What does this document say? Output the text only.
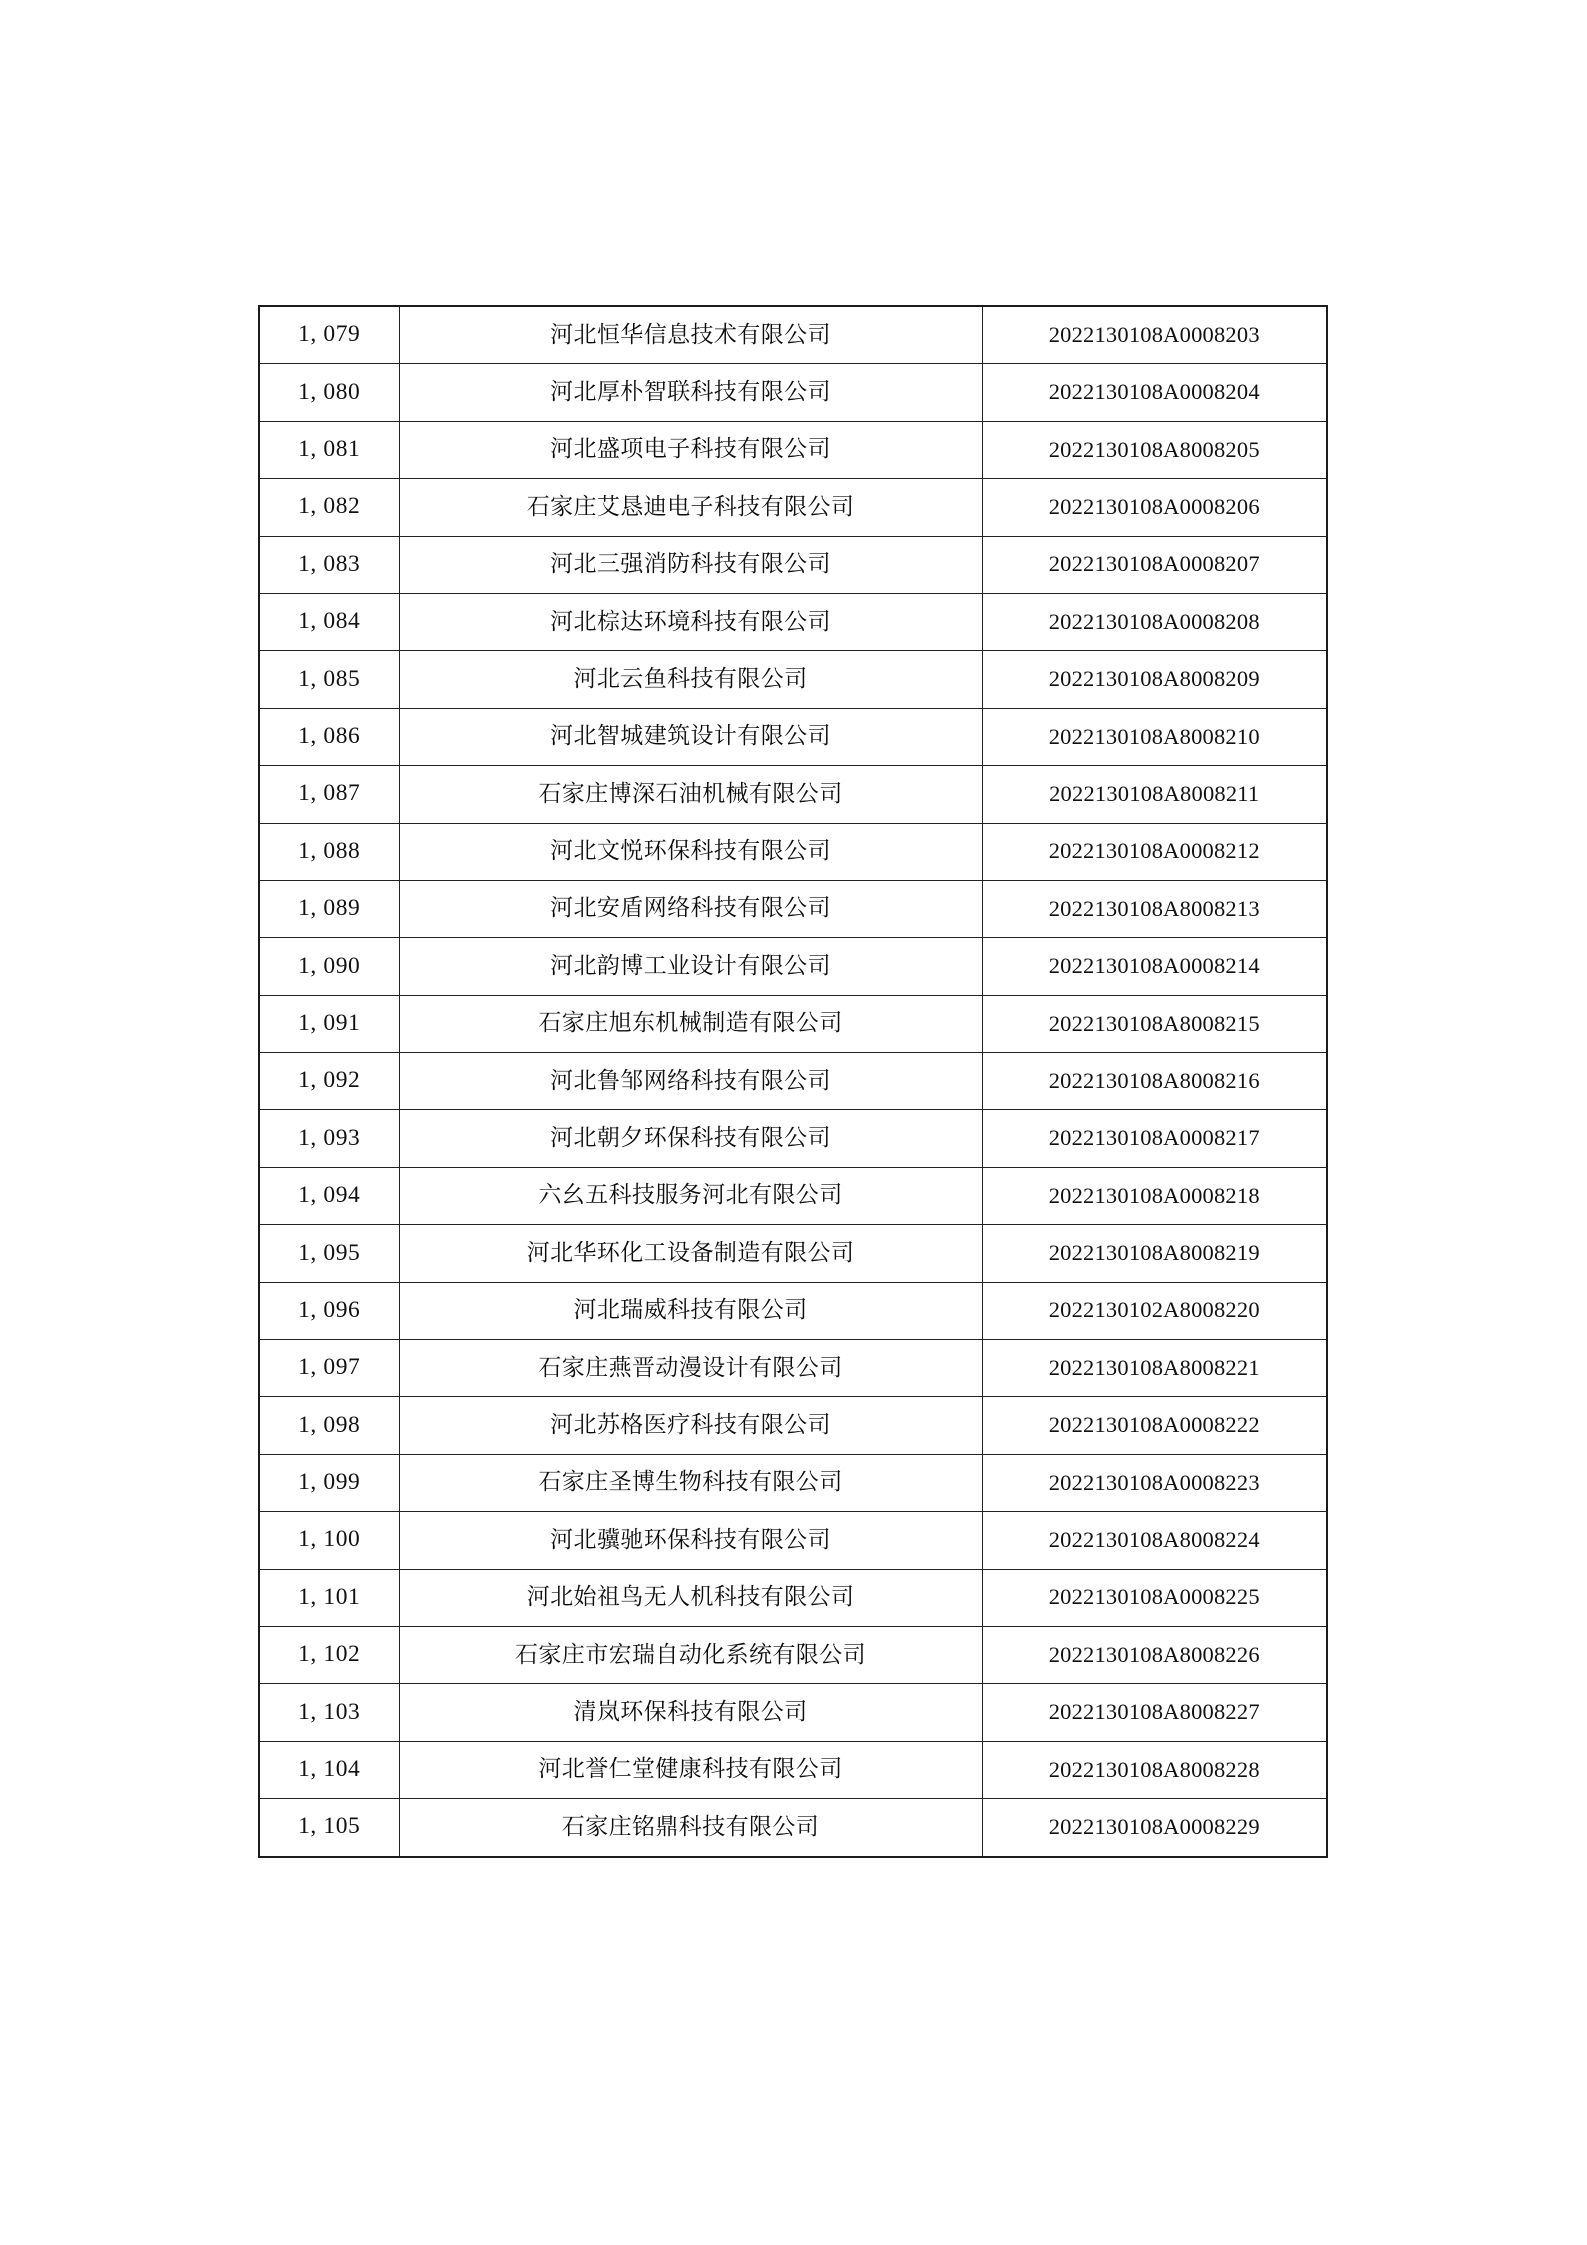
1, 079	河北恒华信息技术有限公司	2022130108A0008203
1, 080	河北厚朴智联科技有限公司	2022130108A0008204
1, 081	河北盛项电子科技有限公司	2022130108A8008205
1, 082	石家庄艾恳迪电子科技有限公司	2022130108A0008206
1, 083	河北三强消防科技有限公司	2022130108A0008207
1, 084	河北棕达环境科技有限公司	2022130108A0008208
1, 085	河北云鱼科技有限公司	2022130108A8008209
1, 086	河北智城建筑设计有限公司	2022130108A8008210
1, 087	石家庄博深石油机械有限公司	2022130108A8008211
1, 088	河北文悦环保科技有限公司	2022130108A0008212
1, 089	河北安盾网络科技有限公司	2022130108A8008213
1, 090	河北韵博工业设计有限公司	2022130108A0008214
1, 091	石家庄旭东机械制造有限公司	2022130108A8008215
1, 092	河北鲁邹网络科技有限公司	2022130108A8008216
1, 093	河北朝夕环保科技有限公司	2022130108A0008217
1, 094	六幺五科技服务河北有限公司	2022130108A0008218
1, 095	河北华环化工设备制造有限公司	2022130108A8008219
1, 096	河北瑞威科技有限公司	2022130102A8008220
1, 097	石家庄燕晋动漫设计有限公司	2022130108A8008221
1, 098	河北苏格医疗科技有限公司	2022130108A0008222
1, 099	石家庄圣博生物科技有限公司	2022130108A0008223
1, 100	河北骥驰环保科技有限公司	2022130108A8008224
1, 101	河北始祖鸟无人机科技有限公司	2022130108A0008225
1, 102	石家庄市宏瑞自动化系统有限公司	2022130108A8008226
1, 103	清岚环保科技有限公司	2022130108A8008227
1, 104	河北誉仁堂健康科技有限公司	2022130108A8008228
1, 105	石家庄铭鼎科技有限公司	2022130108A0008229
